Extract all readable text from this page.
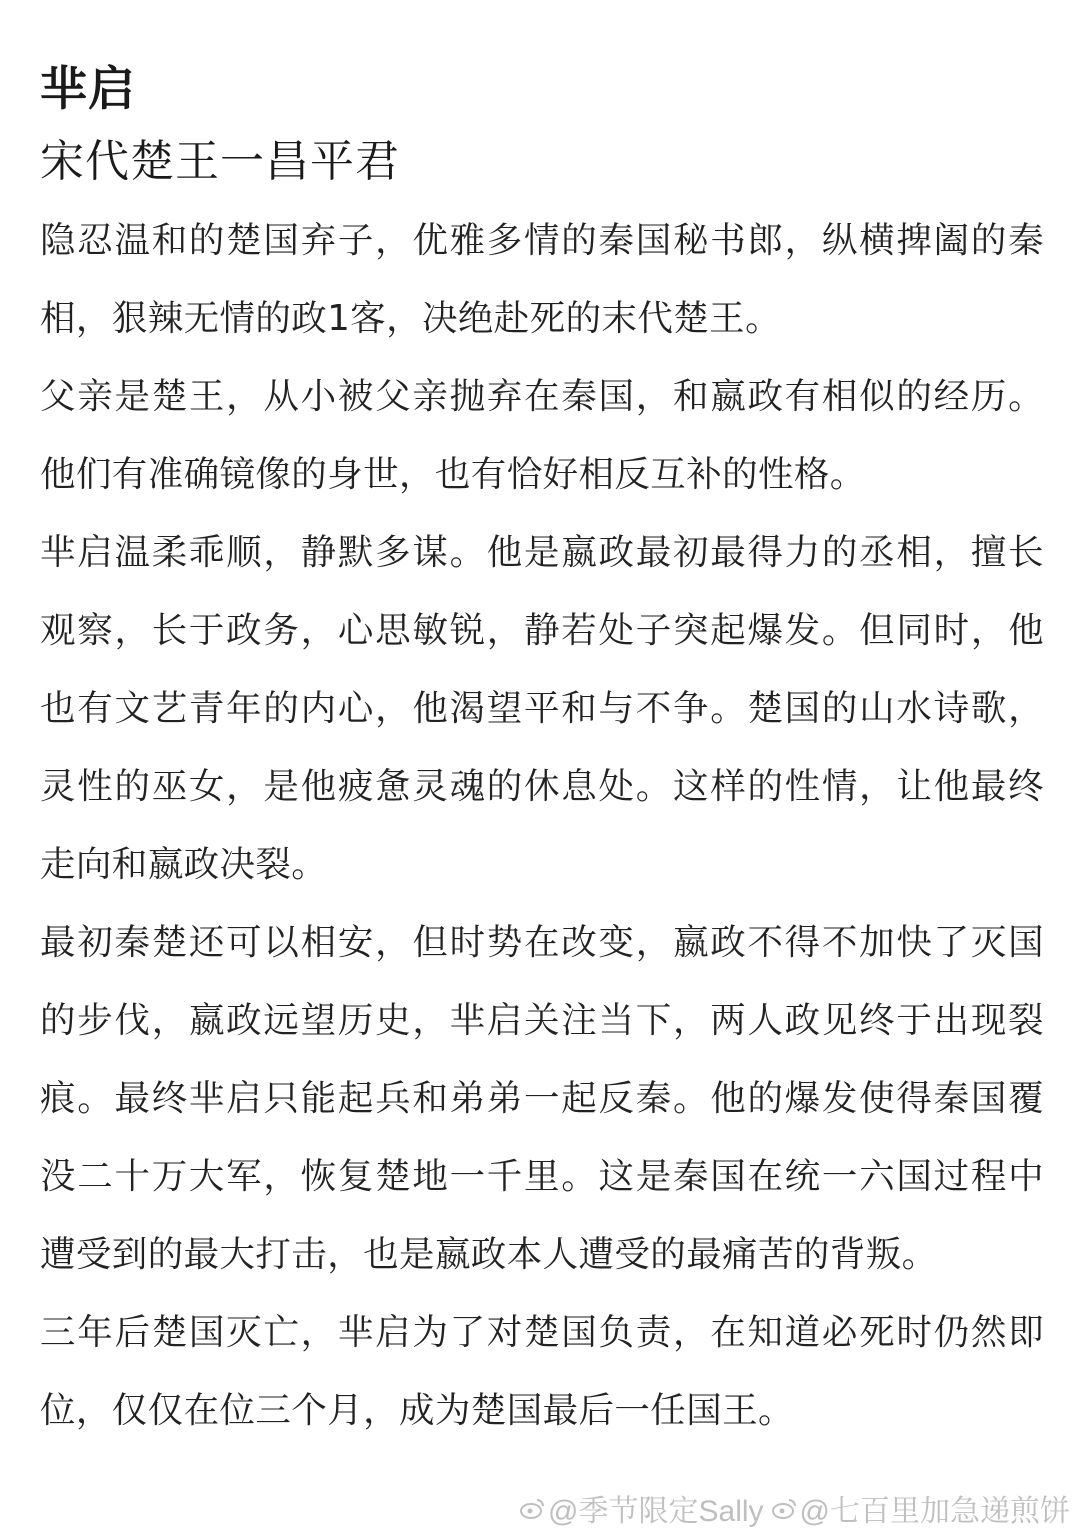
芈启
宋代楚王一昌平君
隐忍温和的楚国弃子，优雅多情的秦国秘书郎，纵横捭阖的秦相，狠辣无情的政1客，决绝赴死的末代楚王。
父亲是楚王，从小被父亲抛弃在秦国，和嬴政有相似的经历。他们有准确镜像的身世，也有恰好相反互补的性格。
芈启温柔乖顺，静默多谋。他是嬴政最初最得力的丞相，擅长观察，长于政务，心思敏锐，静若处子突起爆发。但同时，他也有文艺青年的内心，他渴望平和与不争。楚国的山水诗歌，灵性的巫女，是他疲惫灵魂的休息处。这样的性情，让他最终走向和嬴政决裂。
最初秦楚还可以相安，但时势在改变，嬴政不得不加快了灭国的步伐，嬴政远望历史，芈启关注当下，两人政见终于出现裂痕。最终芈启只能起兵和弟弟一起反秦。他的爆发使得秦国覆没二十万大军，恢复楚地一千里。这是秦国在统一六国过程中遭受到的最大打击，也是嬴政本人遭受的最痛苦的背叛。
三年后楚国灭亡，芈启为了对楚国负责，在知道必死时仍然即位，仅仅在位三个月，成为楚国最后一任国王。
@季节限定Sally @七百里加急递煎饼
